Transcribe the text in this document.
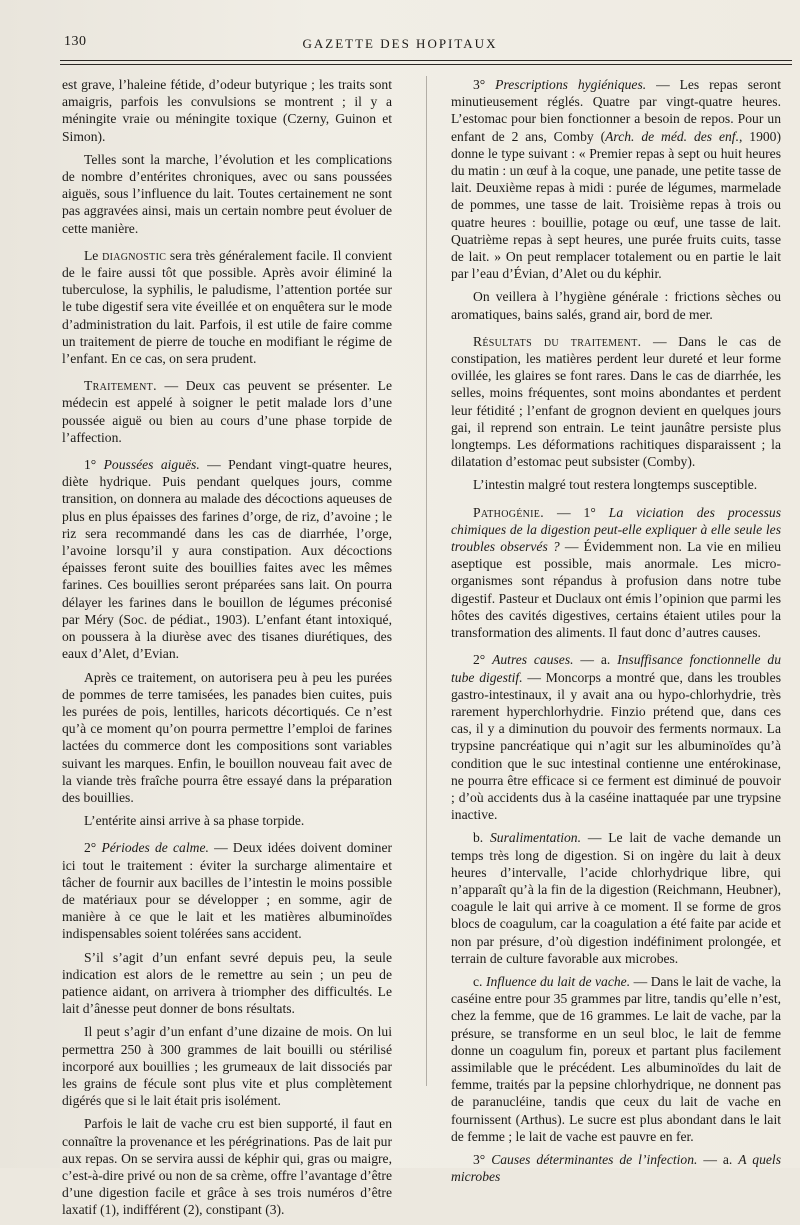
130	GAZETTE DES HOPITAUX

est grave, l’haleine fétide, d’odeur butyrique ; les traits sont amaigris, parfois les convulsions se montrent ; il y a méningite vraie ou méningite toxique (Czerny, Guinon et Simon).

Telles sont la marche, l’évolution et les complications de nombre d’entérites chroniques, avec ou sans poussées aiguës, sous l’influence du lait. Toutes certainement ne sont pas aggravées ainsi, mais un certain nombre peut évoluer de cette manière.

Le diagnostic sera très généralement facile. Il convient de le faire aussi tôt que possible. Après avoir éliminé la tuberculose, la syphilis, le paludisme, l’attention portée sur le tube digestif sera vite éveillée et on enquêtera sur le mode d’administration du lait. Parfois, il est utile de faire comme un traitement de pierre de touche en modifiant le régime de l’enfant. En ce cas, on sera prudent.

Traitement. — Deux cas peuvent se présenter. Le médecin est appelé à soigner le petit malade lors d’une poussée aiguë ou bien au cours d’une phase torpide de l’affection.

1° Poussées aiguës. — Pendant vingt-quatre heures, diète hydrique. Puis pendant quelques jours, comme transition, on donnera au malade des décoctions aqueuses de plus en plus épaisses des farines d’orge, de riz, d’avoine ; le riz sera recommandé dans les cas de diarrhée, l’orge, l’avoine lorsqu’il y aura constipation. Aux décoctions épaisses feront suite des bouillies faites avec les mêmes farines. Ces bouillies seront préparées sans lait. On pourra délayer les farines dans le bouillon de légumes préconisé par Méry (Soc. de pédiat., 1903). L’enfant étant intoxiqué, on poussera à la diurèse avec des tisanes diurétiques, des eaux d’Alet, d’Evian.

Après ce traitement, on autorisera peu à peu les purées de pommes de terre tamisées, les panades bien cuites, puis les purées de pois, lentilles, haricots décortiqués. Ce n’est qu’à ce moment qu’on pourra permettre l’emploi de farines lactées du commerce dont les compositions sont variables suivant les marques. Enfin, le bouillon nouveau fait avec de la viande très fraîche pourra être essayé dans la préparation des bouillies.

L’entérite ainsi arrive à sa phase torpide.

2° Périodes de calme. — Deux idées doivent dominer ici tout le traitement : éviter la surcharge alimentaire et tâcher de fournir aux bacilles de l’intestin le moins possible de matériaux pour se développer ; en somme, agir de manière à ce que le lait et les matières albuminoïdes indispensables soient tolérées sans accident.

S’il s’agit d’un enfant sevré depuis peu, la seule indication est alors de le remettre au sein ; un peu de patience aidant, on arrivera à triompher des difficultés. Le lait d’ânesse peut donner de bons résultats.

Il peut s’agir d’un enfant d’une dizaine de mois. On lui permettra 250 à 300 grammes de lait bouilli ou stérilisé incorporé aux bouillies ; les grumeaux de lait dissociés par les grains de fécule sont plus vite et plus complètement digérés que si le lait était pris isolément.

Parfois le lait de vache cru est bien supporté, il faut en connaître la provenance et les pérégrinations. Pas de lait pur aux repas. On se servira aussi de képhir qui, gras ou maigre, c’est-à-dire privé ou non de sa crème, offre l’avantage d’être d’une digestion facile et grâce à ses trois numéros d’être laxatif (1), indifférent (2), constipant (3).

3° Prescriptions hygiéniques. — Les repas seront minutieusement réglés. Quatre par vingt-quatre heures. L’estomac pour bien fonctionner a besoin de repos. Pour un enfant de 2 ans, Comby (Arch. de méd. des enf., 1900) donne le type suivant : « Premier repas à sept ou huit heures du matin : un œuf à la coque, une panade, une petite tasse de lait. Deuxième repas à midi : purée de légumes, marmelade de pommes, une tasse de lait. Troisième repas à trois ou quatre heures : bouillie, potage ou œuf, une tasse de lait. Quatrième repas à sept heures, une purée fruits cuits, tasse de lait. » On peut remplacer totalement ou en partie le lait par l’eau d’Évian, d’Alet ou du képhir.

On veillera à l’hygiène générale : frictions sèches ou aromatiques, bains salés, grand air, bord de mer.

Résultats du traitement. — Dans le cas de constipation, les matières perdent leur dureté et leur forme ovillée, les glaires se font rares. Dans le cas de diarrhée, les selles, moins fréquentes, sont moins abondantes et perdent leur fétidité ; l’enfant de grognon devient en quelques jours gai, il reprend son entrain. Le teint jaunâtre persiste plus longtemps. Les déformations rachitiques disparaissent ; la dilatation d’estomac peut subsister (Comby).

L’intestin malgré tout restera longtemps susceptible.

Pathogénie. — 1° La viciation des processus chimiques de la digestion peut-elle expliquer à elle seule les troubles observés ? — Évidemment non. La vie en milieu aseptique est possible, mais anormale. Les micro-organismes sont répandus à profusion dans notre tube digestif. Pasteur et Duclaux ont émis l’opinion que parmi les hôtes des cavités digestives, certains étaient utiles pour la transformation des aliments. Il faut donc d’autres causes.

2° Autres causes. — a. Insuffisance fonctionnelle du tube digestif. — Moncorps a montré que, dans les troubles gastro-intestinaux, il y avait ana ou hypo-chlorhydrie, très rarement hyperchlorhydrie. Finzio prétend que, dans ces cas, il y a diminution du pouvoir des ferments normaux. La trypsine pancréatique qui n’agit sur les albuminoïdes qu’à condition que le suc intestinal contienne une entérokinase, ne pourra être efficace si ce ferment est diminué de pouvoir ; d’où accidents dus à la caséine inattaquée par une trypsine inactive.

b. Suralimentation. — Le lait de vache demande un temps très long de digestion. Si on ingère du lait à deux heures d’intervalle, l’acide chlorhydrique libre, qui n’apparaît qu’à la fin de la digestion (Reichmann, Heubner), coagule le lait qui arrive à ce moment. Il se forme de gros blocs de coagulum, car la coagulation a été faite par acide et non par présure, d’où digestion indéfiniment prolongée, et terrain de culture favorable aux microbes.

c. Influence du lait de vache. — Dans le lait de vache, la caséine entre pour 35 grammes par litre, tandis qu’elle n’est, chez la femme, que de 16 grammes. Le lait de vache, par la présure, se transforme en un seul bloc, le lait de femme donne un coagulum fin, poreux et partant plus facilement assimilable que le précédent. Les albuminoïdes du lait de femme, traités par la pepsine chlorhydrique, ne donnent pas de paranucléine, tandis que ceux du lait de vache en fournissent (Arthus). Le sucre est plus abondant dans le lait de femme ; le lait de vache est pauvre en fer.

3° Causes déterminantes de l’infection. — a. A quels microbes
